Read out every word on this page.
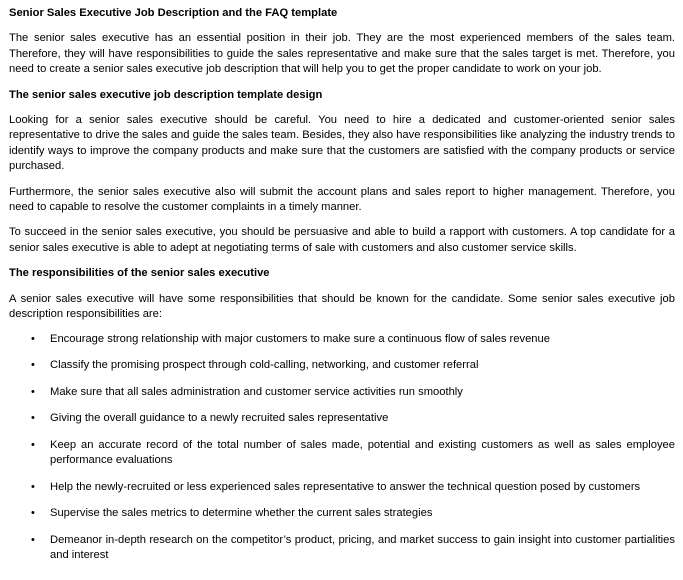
Senior Sales Executive Job Description and the FAQ template

The senior sales executive has an essential position in their job. They are the most experienced members of the sales team. Therefore, they will have responsibilities to guide the sales representative and make sure that the sales target is met. Therefore, you need to create a senior sales executive job description that will help you to get the proper candidate to work on your job.

The senior sales executive job description template design

Looking for a senior sales executive should be careful. You need to hire a dedicated and customer-oriented senior sales representative to drive the sales and guide the sales team. Besides, they also have responsibilities like analyzing the industry trends to identify ways to improve the company products and make sure that the customers are satisfied with the company products or service purchased.

Furthermore, the senior sales executive also will submit the account plans and sales report to higher management. Therefore, you need to capable to resolve the customer complaints in a timely manner.

To succeed in the senior sales executive, you should be persuasive and able to build a rapport with customers. A top candidate for a senior sales executive is able to adept at negotiating terms of sale with customers and also customer service skills.

The responsibilities of the senior sales executive

A senior sales executive will have some responsibilities that should be known for the candidate. Some senior sales executive job description responsibilities are:

• Encourage strong relationship with major customers to make sure a continuous flow of sales revenue
• Classify the promising prospect through cold-calling, networking, and customer referral
• Make sure that all sales administration and customer service activities run smoothly
• Giving the overall guidance to a newly recruited sales representative
• Keep an accurate record of the total number of sales made, potential and existing customers as well as sales employee performance evaluations
• Help the newly-recruited or less experienced sales representative to answer the technical question posed by customers
• Supervise the sales metrics to determine whether the current sales strategies
• Demeanor in-depth research on the competitor’s product, pricing, and market success to gain insight into customer partialities and interest
